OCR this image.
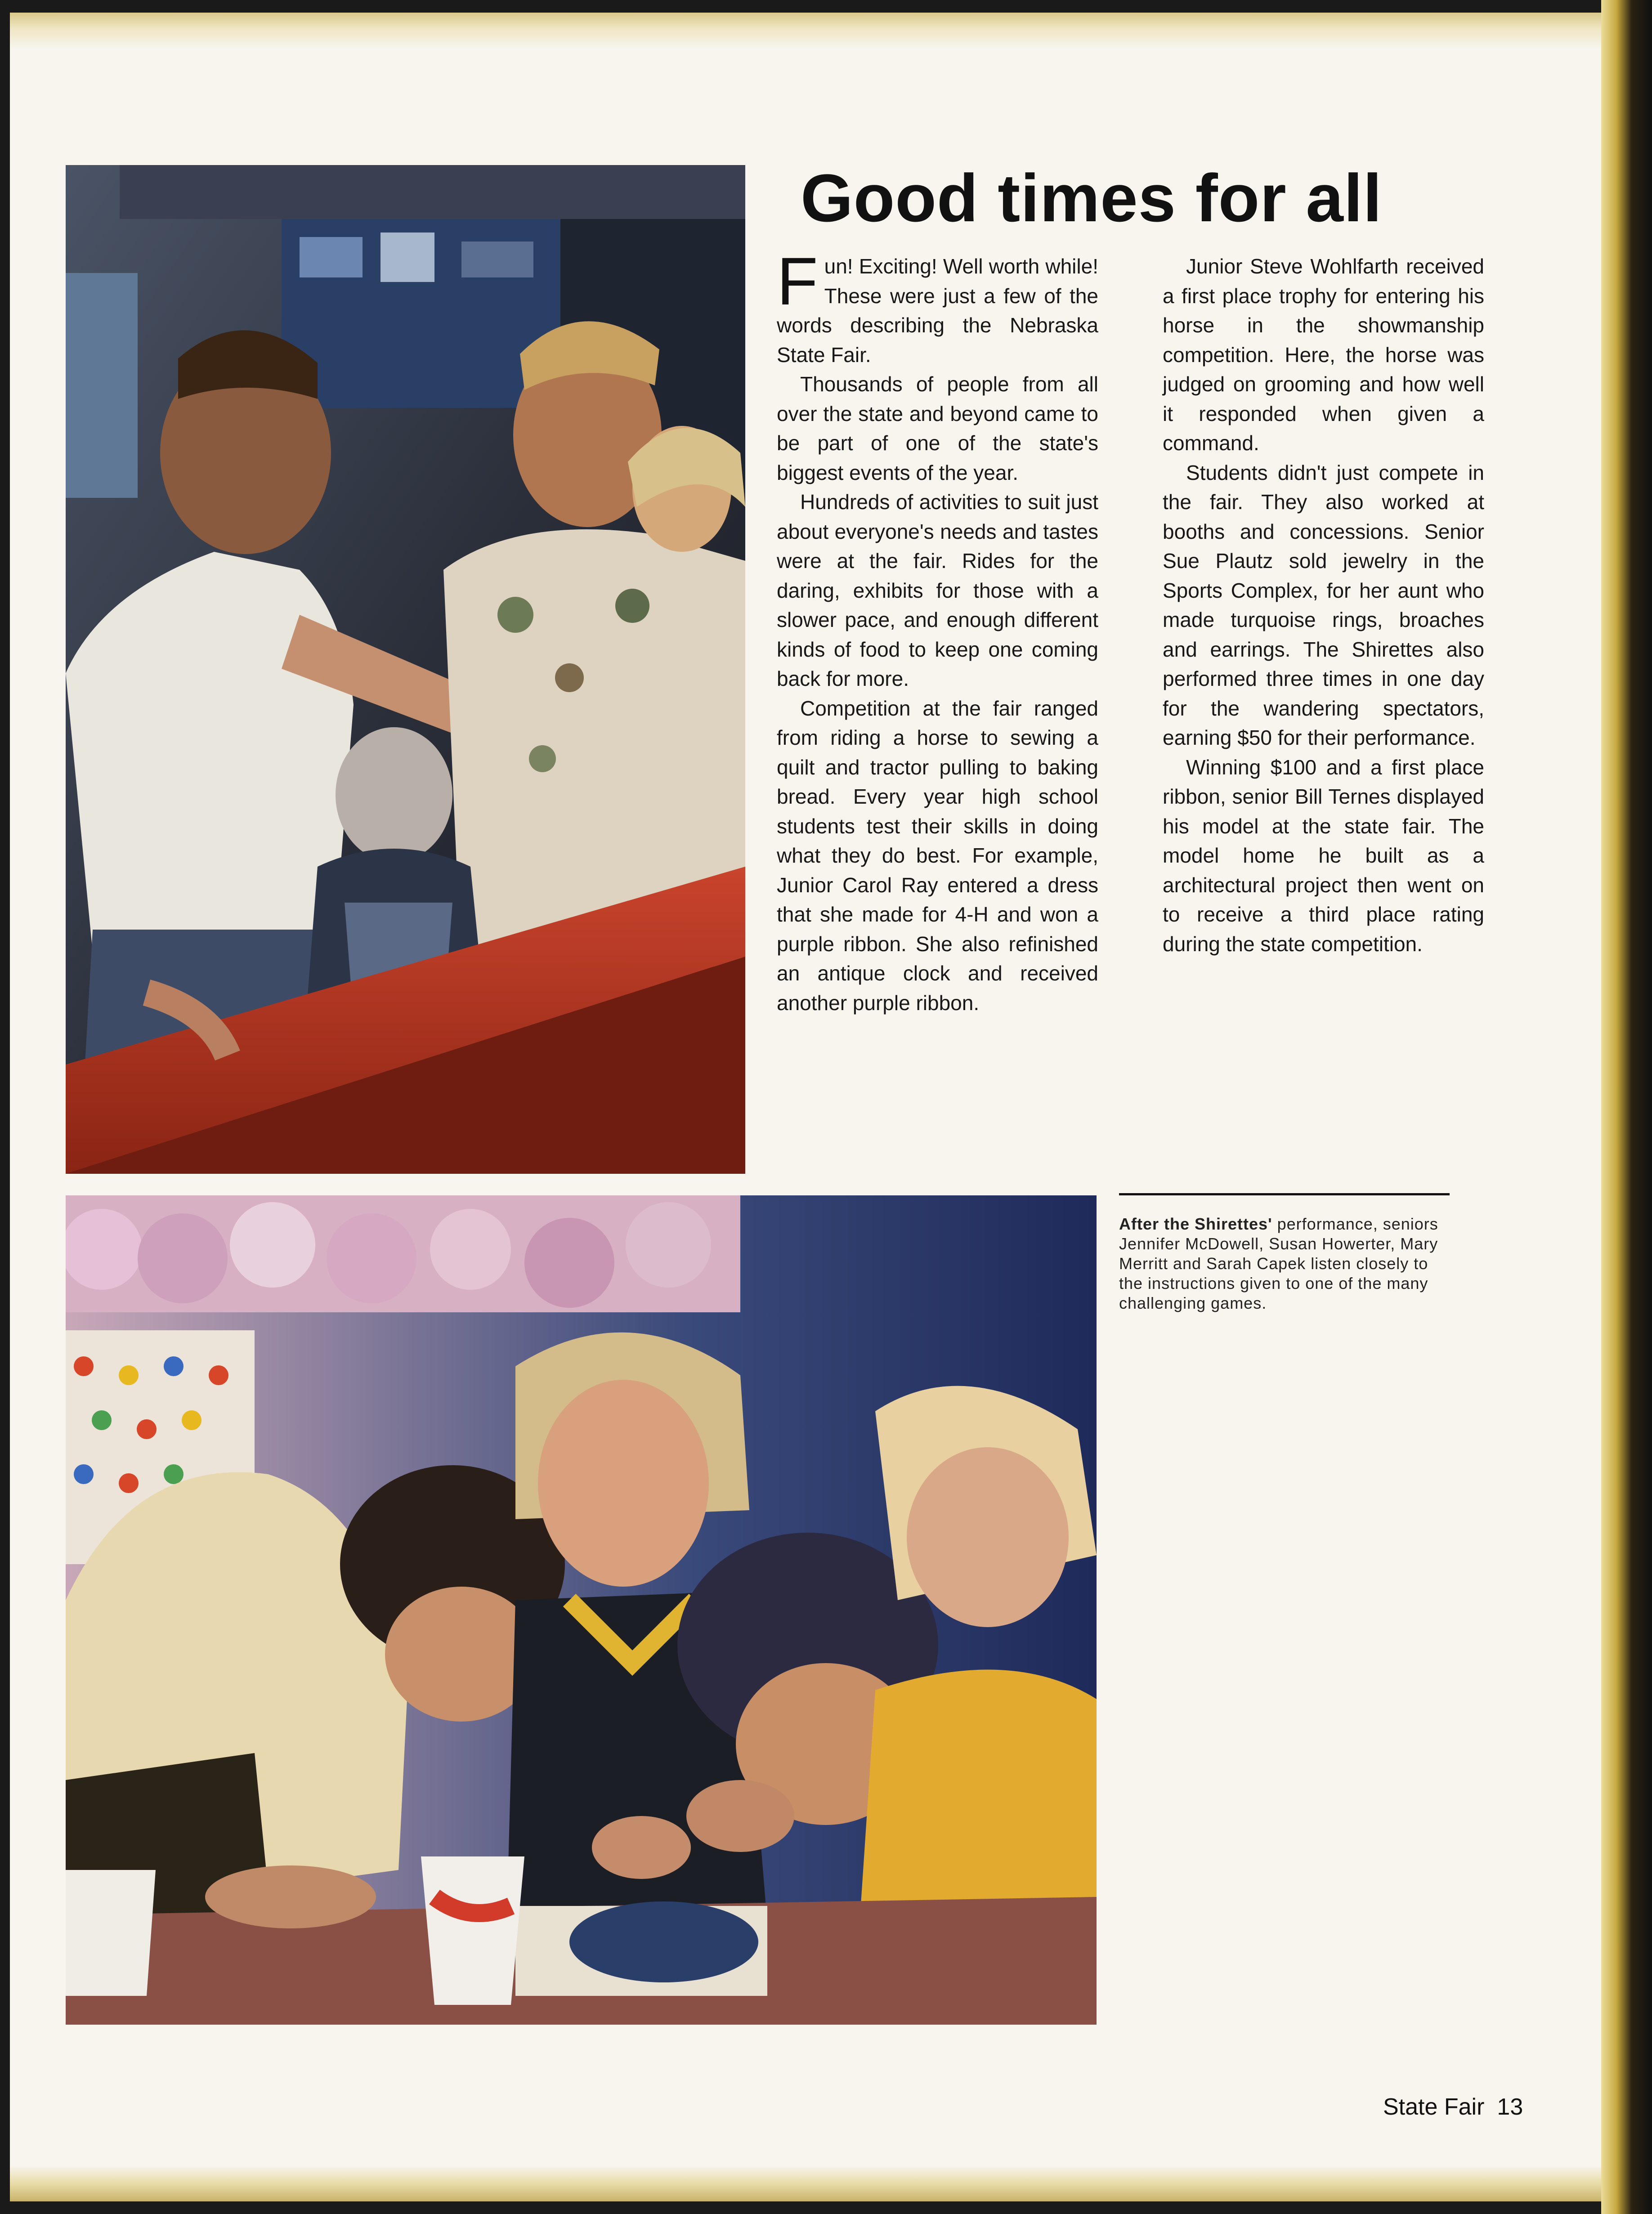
Good times for all

Fun! Exciting! Well worth while! These were just a few of the words describing the Nebraska State Fair.

Thousands of people from all over the state and beyond came to be part of one of the state's biggest events of the year.

Hundreds of activities to suit just about everyone's needs and tastes were at the fair. Rides for the daring, exhibits for those with a slower pace, and enough different kinds of food to keep one coming back for more.

Competition at the fair ranged from riding a horse to sewing a quilt and tractor pulling to baking bread. Every year high school students test their skills in doing what they do best. For example, Junior Carol Ray entered a dress that she made for 4-H and won a purple ribbon. She also refinished an antique clock and received another purple ribbon.

Junior Steve Wohlfarth received a first place trophy for entering his horse in the showmanship competition. Here, the horse was judged on grooming and how well it responded when given a command.

Students didn't just compete in the fair. They also worked at booths and concessions. Senior Sue Plautz sold jewelry in the Sports Complex, for her aunt who made turquoise rings, broaches and earrings. The Shirettes also performed three times in one day for the wandering spectators, earning $50 for their performance.

Winning $100 and a first place ribbon, senior Bill Ternes displayed his model at the state fair. The model home he built as a architectural project then went on to receive a third place rating during the state competition.

After the Shirettes' performance, seniors Jennifer McDowell, Susan Howerter, Mary Merritt and Sarah Capek listen closely to the instructions given to one of the many challenging games.
State Fair 13
